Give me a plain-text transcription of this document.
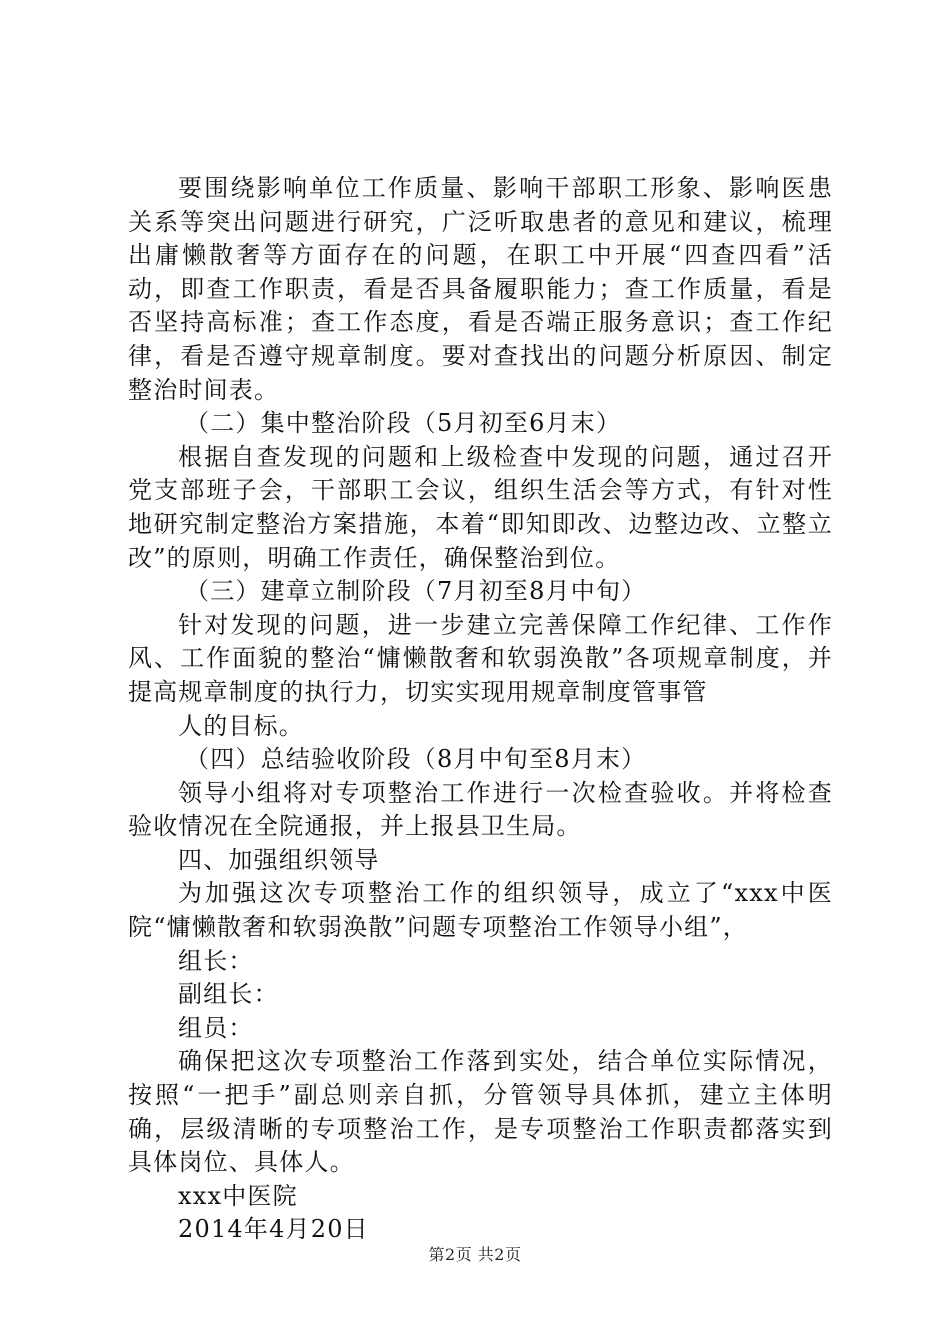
要围绕影响单位工作质量、影响干部职工形象、影响医患关系等突出问题进行研究，广泛听取患者的意见和建议，梳理出庸懒散奢等方面存在的问题，在职工中开展“四查四看”活动，即查工作职责，看是否具备履职能力；查工作质量，看是否坚持高标准；查工作态度，看是否端正服务意识；查工作纪律，看是否遵守规章制度。要对查找出的问题分析原因、制定整治时间表。

（二）集中整治阶段（5月初至6月末）

根据自查发现的问题和上级检查中发现的问题，通过召开党支部班子会，干部职工会议，组织生活会等方式，有针对性地研究制定整治方案措施，本着“即知即改、边整边改、立整立改”的原则，明确工作责任，确保整治到位。

（三）建章立制阶段（7月初至8月中旬）

针对发现的问题，进一步建立完善保障工作纪律、工作作风、工作面貌的整治“慵懒散奢和软弱涣散”各项规章制度，并提高规章制度的执行力，切实实现用规章制度管事管

人的目标。

（四）总结验收阶段（8月中旬至8月末）

领导小组将对专项整治工作进行一次检查验收。并将检查验收情况在全院通报，并上报县卫生局。

四、加强组织领导

为加强这次专项整治工作的组织领导，成立了“xxx中医院“慵懒散奢和软弱涣散”问题专项整治工作领导小组”，

组长：

副组长：

组员：

确保把这次专项整治工作落到实处，结合单位实际情况，按照“一把手”副总则亲自抓，分管领导具体抓，建立主体明确，层级清晰的专项整治工作，是专项整治工作职责都落实到具体岗位、具体人。

xxx中医院

2014年4月20日

第2页 共2页
